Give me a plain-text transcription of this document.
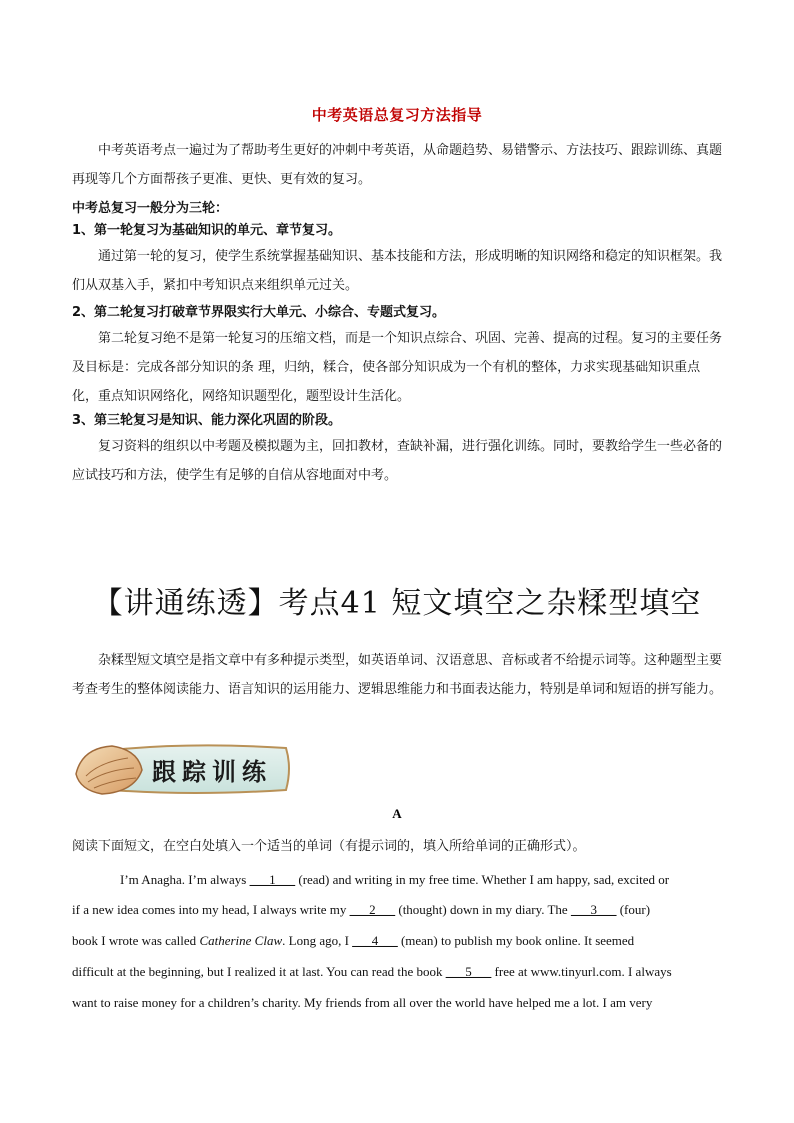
中考英语总复习方法指导
中考英语考点一遍过为了帮助考生更好的冲刺中考英语，从命题趋势、易错警示、方法技巧、跟踪训练、真题再现等几个方面帮孩子更准、更快、更有效的复习。
中考总复习一般分为三轮：
1、第一轮复习为基础知识的单元、章节复习。
通过第一轮的复习，使学生系统掌握基础知识、基本技能和方法，形成明晰的知识网络和稳定的知识框架。我们从双基入手，紧扣中考知识点来组织单元过关。
2、第二轮复习打破章节界限实行大单元、小综合、专题式复习。
第二轮复习绝不是第一轮复习的压缩文档，而是一个知识点综合、巩固、完善、提高的过程。复习的主要任务及目标是：完成各部分知识的条 理，归纳，糅合，使各部分知识成为一个有机的整体，力求实现基础知识重点化，重点知识网络化，网络知识题型化，题型设计生活化。
3、第三轮复习是知识、能力深化巩固的阶段。
复习资料的组织以中考题及模拟题为主，回扣教材，查缺补漏，进行强化训练。同时，要教给学生一些必备的应试技巧和方法，使学生有足够的自信从容地面对中考。
【讲通练透】考点41 短文填空之杂糅型填空
杂糅型短文填空是指文章中有多种提示类型，如英语单词、汉语意思、音标或者不给提示词等。这种题型主要考查考生的整体阅读能力、语言知识的运用能力、逻辑思维能力和书面表达能力，特别是单词和短语的拼写能力。
跟踪训练
A
阅读下面短文，在空白处填入一个适当的单词（有提示词的，填入所给单词的正确形式）。
I’m Anagha. I’m always ___1___ (read) and writing in my free time. Whether I am happy, sad, excited or
if a new idea comes into my head, I always write my ___2___ (thought) down in my diary. The ___3___ (four)
book I wrote was called Catherine Claw. Long ago, I ___4___ (mean) to publish my book online. It seemed
difficult at the beginning, but I realized it at last. You can read the book ___5___ free at www.tinyurl.com. I always
want to raise money for a children’s charity. My friends from all over the world have helped me a lot. I am very
